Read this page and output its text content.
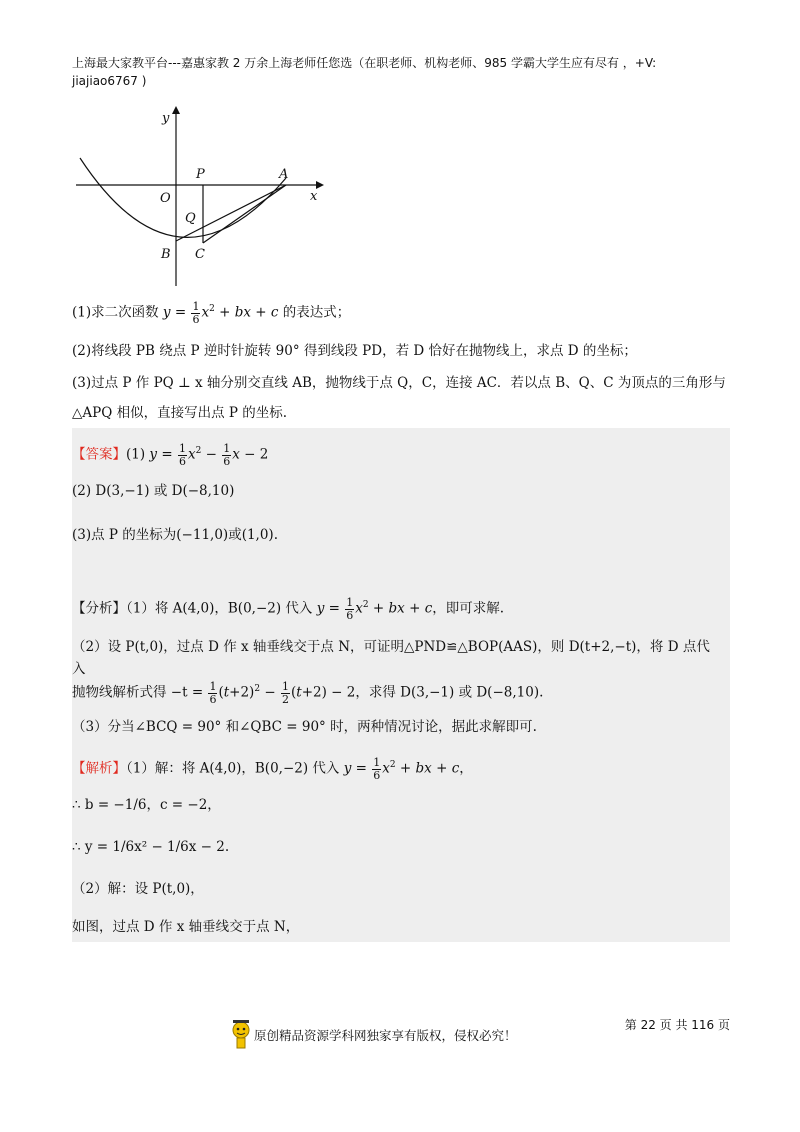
上海最大家教平台---嘉惠家教 2 万余上海老师任您选（在职老师、机构老师、985 学霸大学生应有尽有 ，+V:
jiajiao6767 )
y
x
O
P	A
Q
B C
(1)求二次函数 $y = \frac{1}{6} x^2$ + bx + c 的表达式；
(2)将线段 PB 绕点 P 逆时针旋转 90° 得到线段 PD，若 D 恰好在抛物线上，求点 D 的坐标；
(3)过点 P 作 PQ ⊥ x 轴分别交直线 AB，抛物线于点 Q，C，连接 AC．若以点 B、Q、C 为顶点的三角形与
△APQ 相似，直接写出点 P 的坐标.
【答案】(1) $y = \frac{1}{6} x^2 - \frac{1}{6}$ x − 2
(2) D(3,−1) 或 D(−8,10)
(3)点 P 的坐标为(−11,0)或(1,0).
【分析】（1）将 A(4,0)，B(0,−2) 代入 $y = \frac{1}{6} x^2$ + bx + c，即可求解.
（2）设 P(t,0)，过点 D 作 x 轴垂线交于点 N，可证明△PND≌△BOP(AAS)，则 D(t+2,−t)，将 D 点代入
抛物线解析式得 $-t = \frac{1}{6} (t+2)^2 - \frac{1}{2} (t+2) - 2$，求得 D(3,−1) 或 D(−8,10).
（3）分当∠BCQ = 90° 和∠QBC = 90° 时，两种情况讨论，据此求解即可.
【解析】（1）解：将 A(4,0)，B(0,−2) 代入 $y = \frac{1}{6} x^2$ + bx + c，
∴ b = −1/6，c = −2，
∴ y = 1/6x² − 1/6x − 2.
（2）解：设 P(t,0)，
如图，过点 D 作 x 轴垂线交于点 N，
原创精品资源学科网独家享有版权，侵权必究！
第 22 页 共 116 页
